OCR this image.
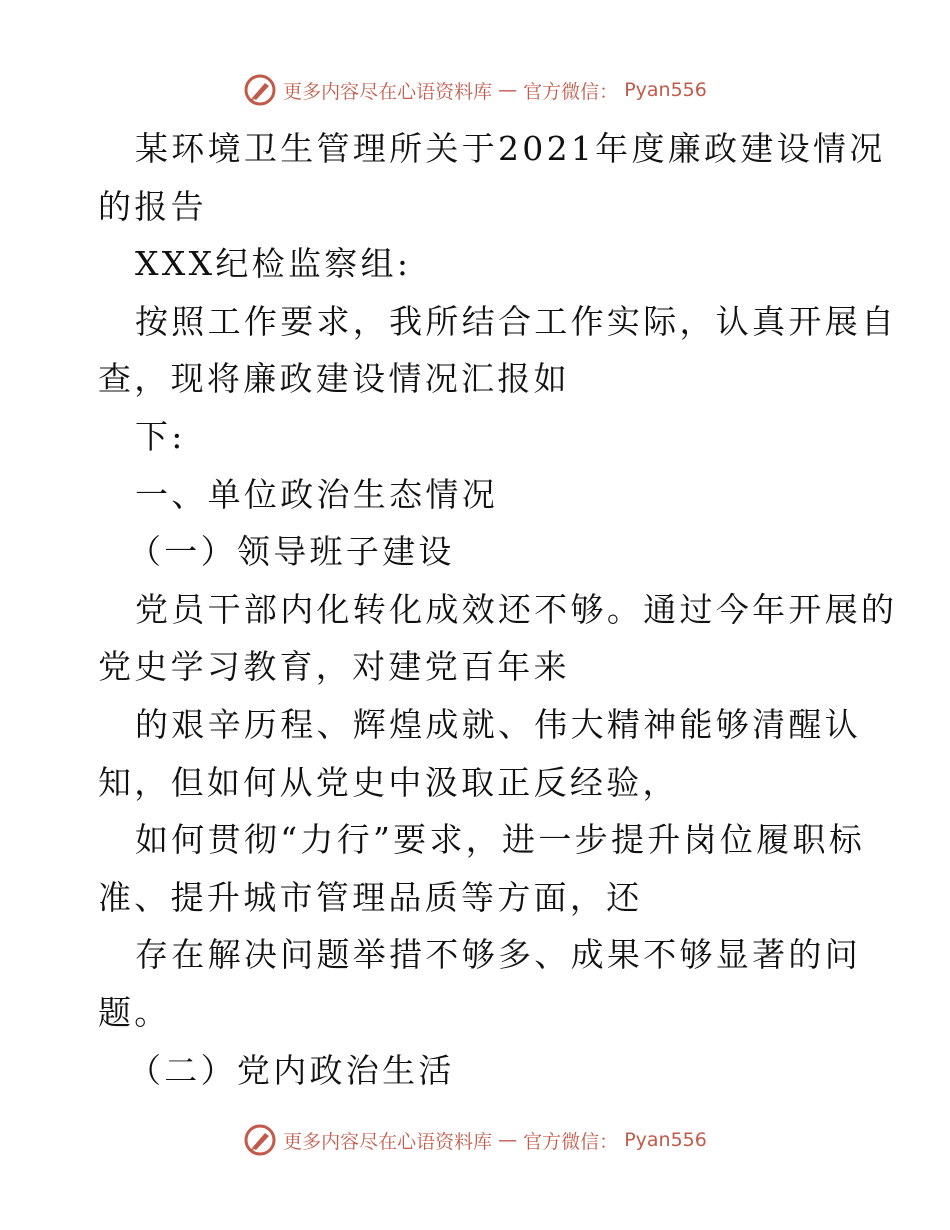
更多内容尽在心语资料库 — 官方微信： Pyan556
某环境卫生管理所关于2021年度廉政建设情况
的报告
XXX纪检监察组:
按照工作要求，我所结合工作实际，认真开展自
查，现将廉政建设情况汇报如
下:
一、单位政治生态情况
（一）领导班子建设
党员干部内化转化成效还不够。通过今年开展的
党史学习教育，对建党百年来
的艰辛历程、辉煌成就、伟大精神能够清醒认
知，但如何从党史中汲取正反经验，
如何贯彻“力行”要求，进一步提升岗位履职标
准、提升城市管理品质等方面，还
存在解决问题举措不够多、成果不够显著的问
题。
（二）党内政治生活
更多内容尽在心语资料库 — 官方微信： Pyan556
